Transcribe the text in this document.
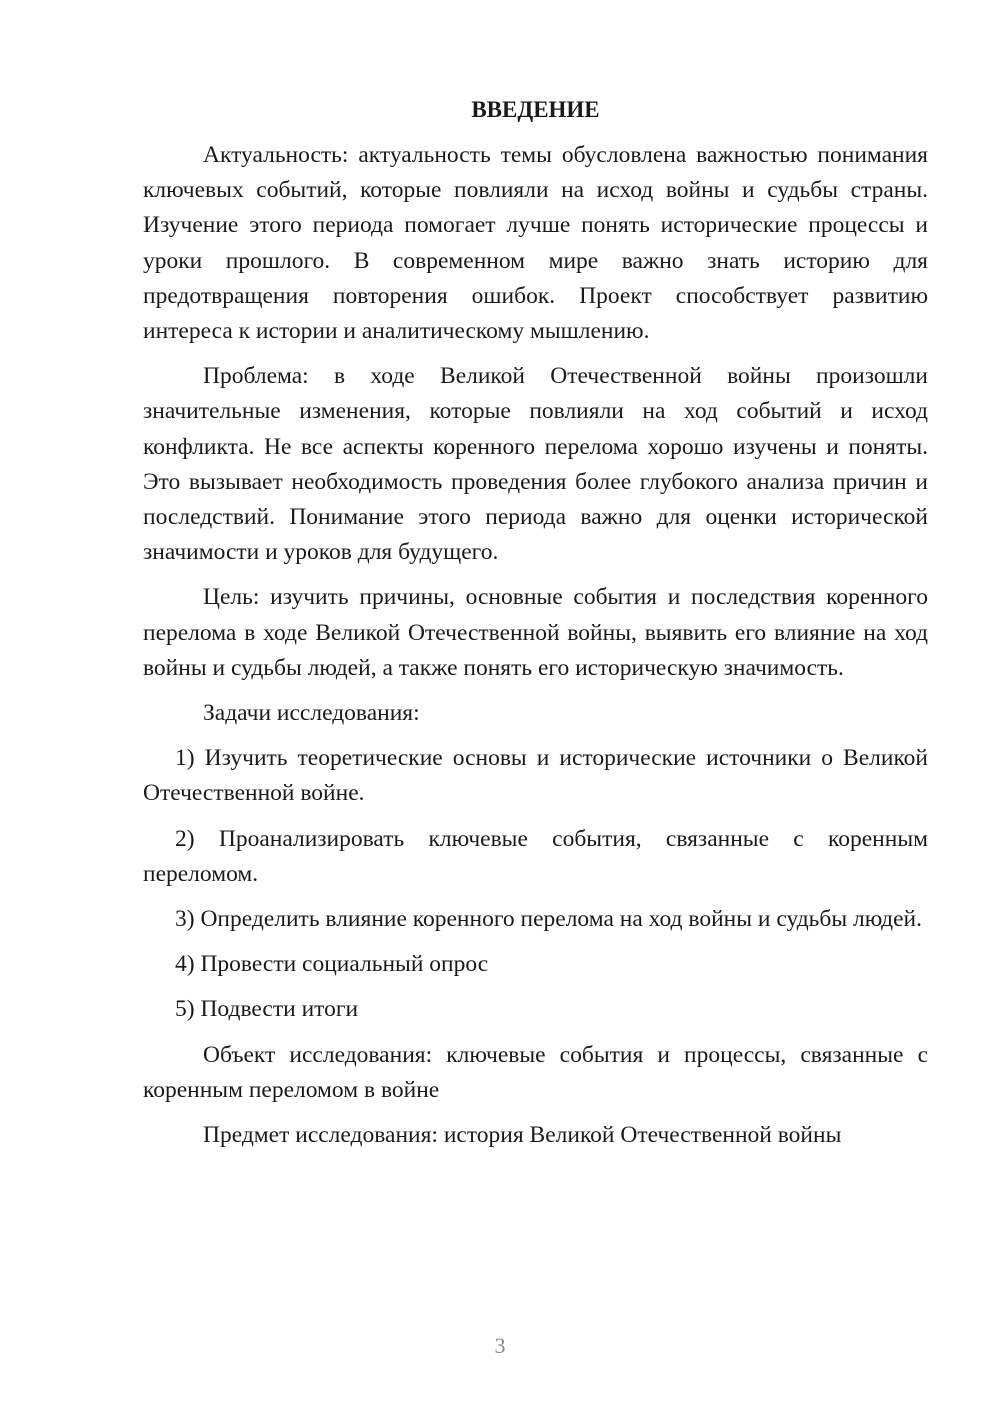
ВВЕДЕНИЕ

Актуальность: актуальность темы обусловлена важностью понимания ключевых событий, которые повлияли на исход войны и судьбы страны. Изучение этого периода помогает лучше понять исторические процессы и уроки прошлого. В современном мире важно знать историю для предотвращения повторения ошибок. Проект способствует развитию интереса к истории и аналитическому мышлению.

Проблема: в ходе Великой Отечественной войны произошли значительные изменения, которые повлияли на ход событий и исход конфликта. Не все аспекты коренного перелома хорошо изучены и поняты. Это вызывает необходимость проведения более глубокого анализа причин и последствий. Понимание этого периода важно для оценки исторической значимости и уроков для будущего.

Цель: изучить причины, основные события и последствия коренного перелома в ходе Великой Отечественной войны, выявить его влияние на ход войны и судьбы людей, а также понять его историческую значимость.

Задачи исследования:

1) Изучить теоретические основы и исторические источники о Великой Отечественной войне.

2) Проанализировать ключевые события, связанные с коренным переломом.

3) Определить влияние коренного перелома на ход войны и судьбы людей.

4) Провести социальный опрос

5) Подвести итоги

Объект исследования: ключевые события и процессы, связанные с коренным переломом в войне

Предмет исследования: история Великой Отечественной войны

3
